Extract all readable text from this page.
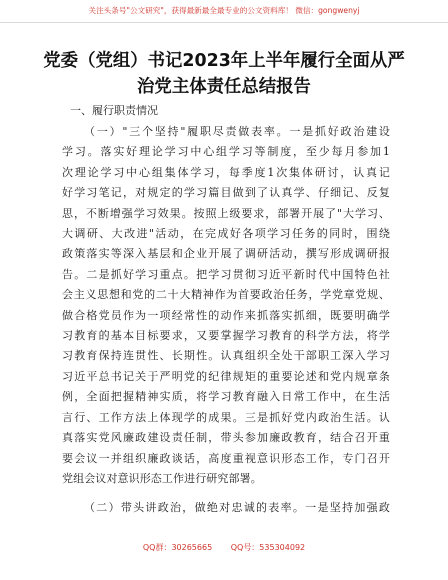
关注头条号"公文研究"，获得最新最全最专业的公文资料库！ 微信：gongwenyj
党委（党组）书记2023年上半年履行全面从严
治党主体责任总结报告
一、履行职责情况
（一）"三个坚持"履职尽责做表率。一是抓好政治建设
学习。落实好理论学习中心组学习等制度，至少每月参加1
次理论学习中心组集体学习，每季度1次集体研讨，认真记
好学习笔记，对规定的学习篇目做到了认真学、仔细记、反复
思，不断增强学习效果。按照上级要求，部署开展了"大学习、
大调研、大改进"活动，在完成好各项学习任务的同时，围绕
政策落实等深入基层和企业开展了调研活动，撰写形成调研报
告。二是抓好学习重点。把学习贯彻习近平新时代中国特色社
会主义思想和党的二十大精神作为首要政治任务，学党章党规、
做合格党员作为一项经常性的动作来抓落实抓细，既要明确学
习教育的基本目标要求，又要掌握学习教育的科学方法，将学
习教育保持连贯性、长期性。认真组织全处干部职工深入学习
习近平总书记关于严明党的纪律规矩的重要论述和党内规章条
例，全面把握精神实质，将学习教育融入日常工作中，在生活
言行、工作方法上体现学的成果。三是抓好党内政治生活。认
真落实党风廉政建设责任制，带头参加廉政教育，结合召开重
要会议一并组织廉政谈话，高度重视意识形态工作，专门召开
党组会议对意识形态工作进行研究部署。
（二）带头讲政治，做绝对忠诚的表率。一是坚持加强政
QQ群：30265665 QQ号：535304092
